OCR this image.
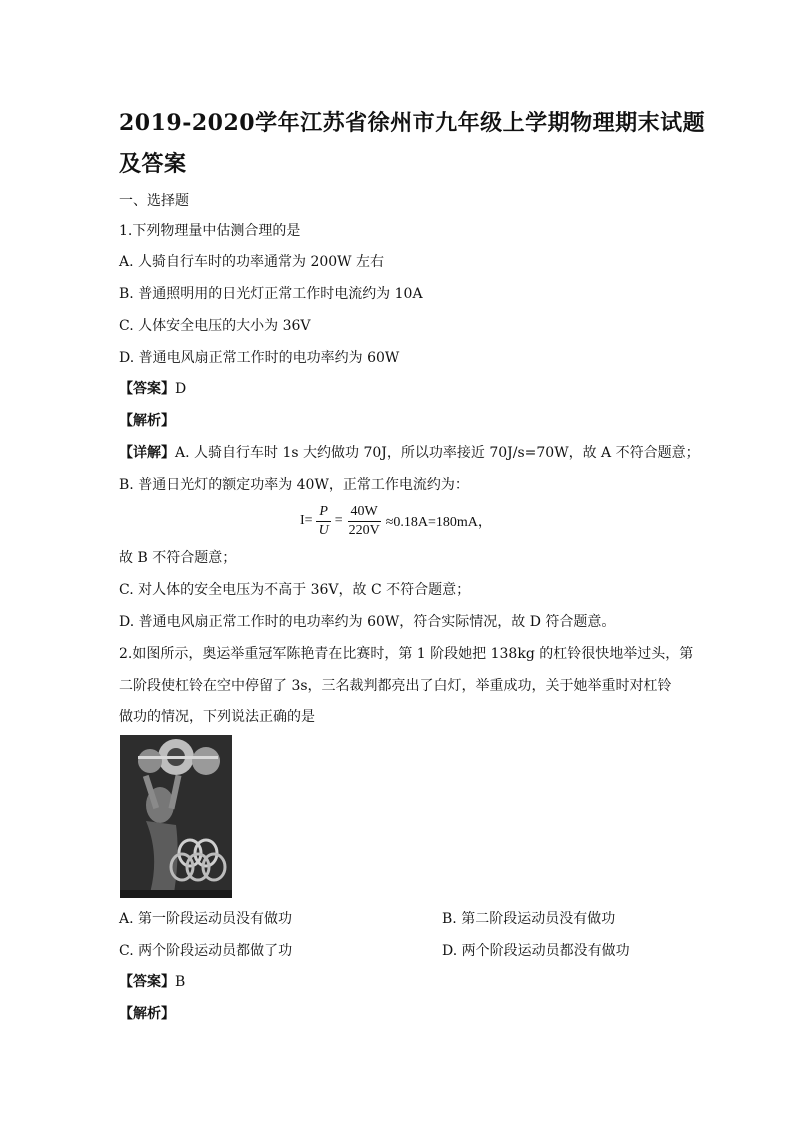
2019-2020学年江苏省徐州市九年级上学期物理期末试题
及答案
一、选择题
1.下列物理量中估测合理的是
A. 人骑自行车时的功率通常为 200W 左右
B. 普通照明用的日光灯正常工作时电流约为 10A
C. 人体安全电压的大小为 36V
D. 普通电风扇正常工作时的电功率约为 60W
【答案】D
【解析】
【详解】A. 人骑自行车时 1s 大约做功 70J，所以功率接近 70J/s=70W，故 A 不符合题意；
B. 普通日光灯的额定功率为 40W，正常工作电流约为：
$I= \frac{P}{U} = \frac{40W}{220V} \approx 0.18A=180mA$，
故 B 不符合题意；
C. 对人体的安全电压为不高于 36V，故 C 不符合题意；
D. 普通电风扇正常工作时的电功率约为 60W，符合实际情况，故 D 符合题意。
2.如图所示，奥运举重冠军陈艳青在比赛时，第 1 阶段她把 138kg 的杠铃很快地举过头，第
二阶段使杠铃在空中停留了 3s，三名裁判都亮出了白灯，举重成功，关于她举重时对杠铃
做功的情况，下列说法正确的是
A. 第一阶段运动员没有做功	B. 第二阶段运动员没有做功
C. 两个阶段运动员都做了功	D. 两个阶段运动员都没有做功
【答案】B
【解析】
